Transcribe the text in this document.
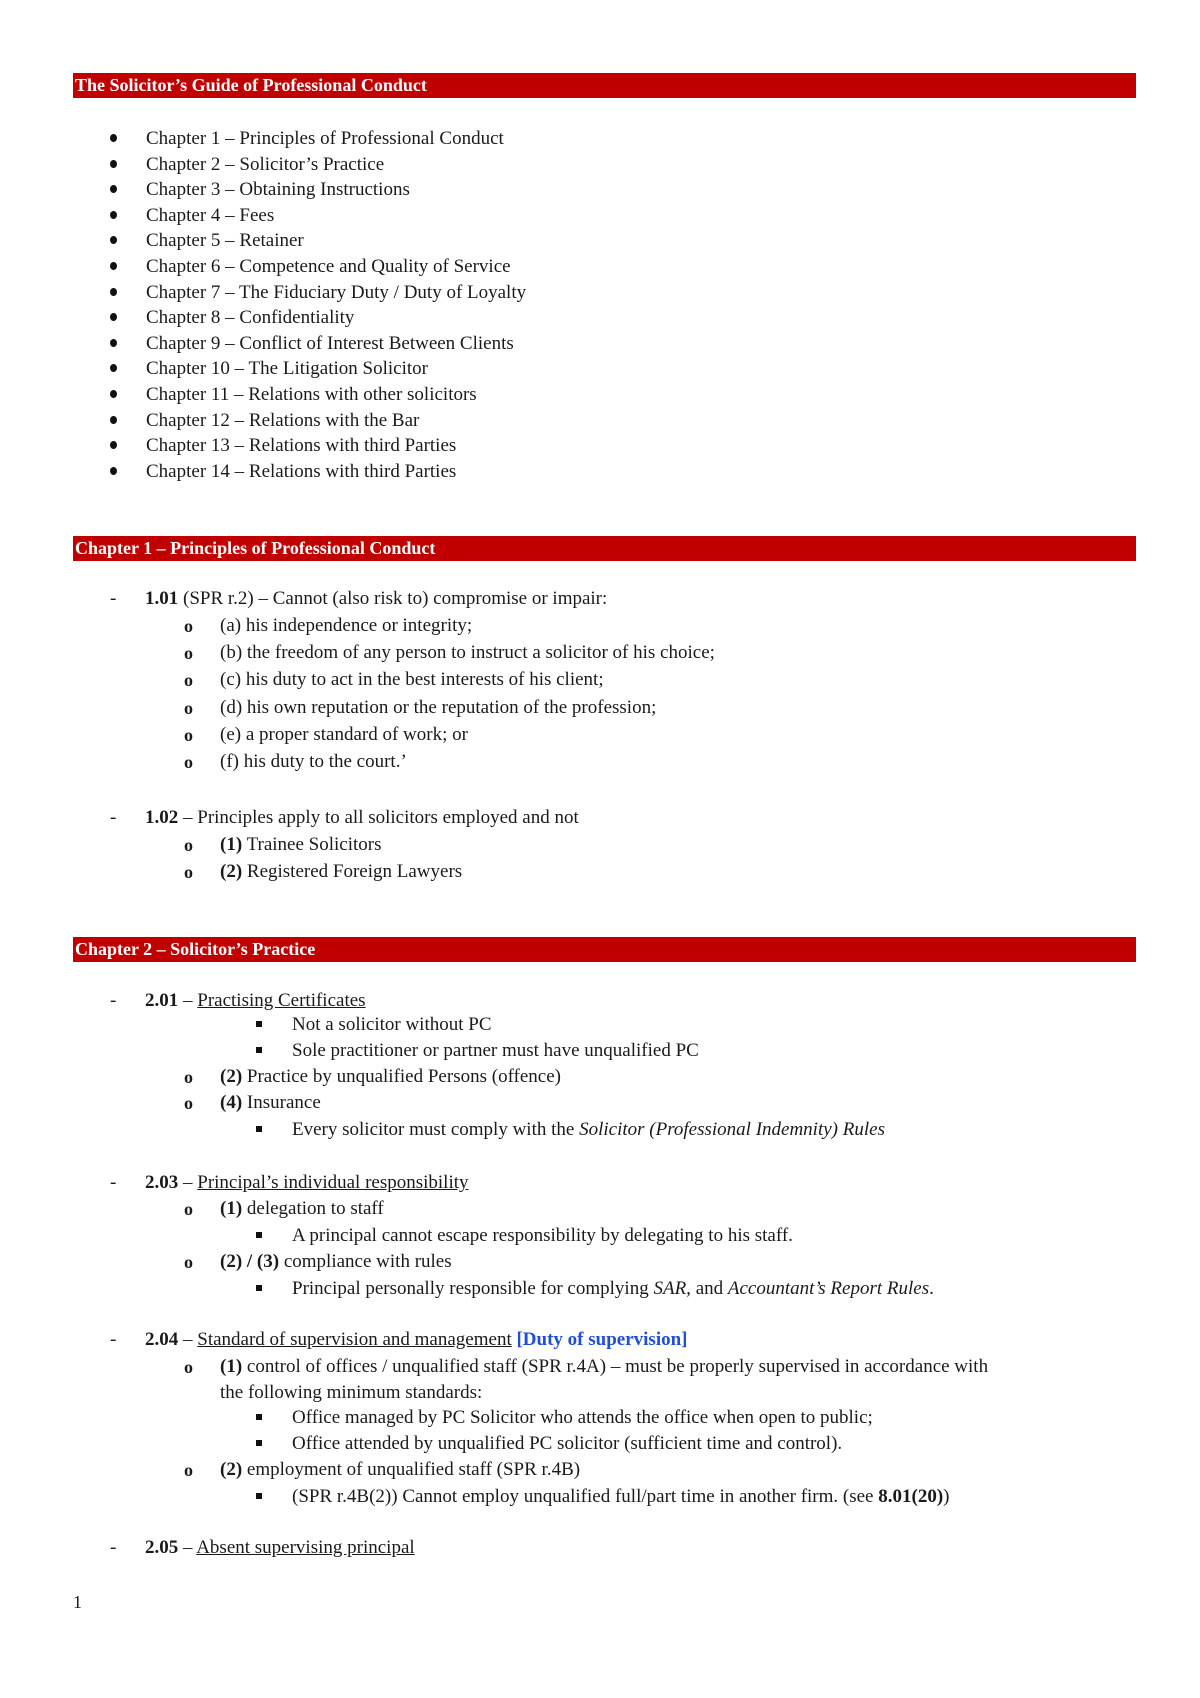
The Solicitor’s Guide of Professional Conduct
Chapter 1 – Principles of Professional Conduct
Chapter 2 – Solicitor’s Practice
Chapter 3 – Obtaining Instructions
Chapter 4 – Fees
Chapter 5 – Retainer
Chapter 6 – Competence and Quality of Service
Chapter 7 – The Fiduciary Duty / Duty of Loyalty
Chapter 8 – Confidentiality
Chapter 9 – Conflict of Interest Between Clients
Chapter 10 – The Litigation Solicitor
Chapter 11 – Relations with other solicitors
Chapter 12 – Relations with the Bar
Chapter 13 – Relations with third Parties
Chapter 14 – Relations with third Parties
Chapter 1 – Principles of Professional Conduct
- 1.01 (SPR r.2) – Cannot (also risk to) compromise or impair:
o (a) his independence or integrity;
o (b) the freedom of any person to instruct a solicitor of his choice;
o (c) his duty to act in the best interests of his client;
o (d) his own reputation or the reputation of the profession;
o (e) a proper standard of work; or
o (f) his duty to the court.’
- 1.02 – Principles apply to all solicitors employed and not
o (1) Trainee Solicitors
o (2) Registered Foreign Lawyers
Chapter 2 – Solicitor’s Practice
- 2.01 – Practising Certificates
Not a solicitor without PC
Sole practitioner or partner must have unqualified PC
o (2) Practice by unqualified Persons (offence)
o (4) Insurance
Every solicitor must comply with the Solicitor (Professional Indemnity) Rules
- 2.03 – Principal’s individual responsibility
o (1) delegation to staff
A principal cannot escape responsibility by delegating to his staff.
o (2) / (3) compliance with rules
Principal personally responsible for complying SAR, and Accountant’s Report Rules.
- 2.04 – Standard of supervision and management [Duty of supervision]
o (1) control of offices / unqualified staff (SPR r.4A) – must be properly supervised in accordance with
the following minimum standards:
Office managed by PC Solicitor who attends the office when open to public;
Office attended by unqualified PC solicitor (sufficient time and control).
o (2) employment of unqualified staff (SPR r.4B)
(SPR r.4B(2)) Cannot employ unqualified full/part time in another firm. (see 8.01(20))
- 2.05 – Absent supervising principal
1
